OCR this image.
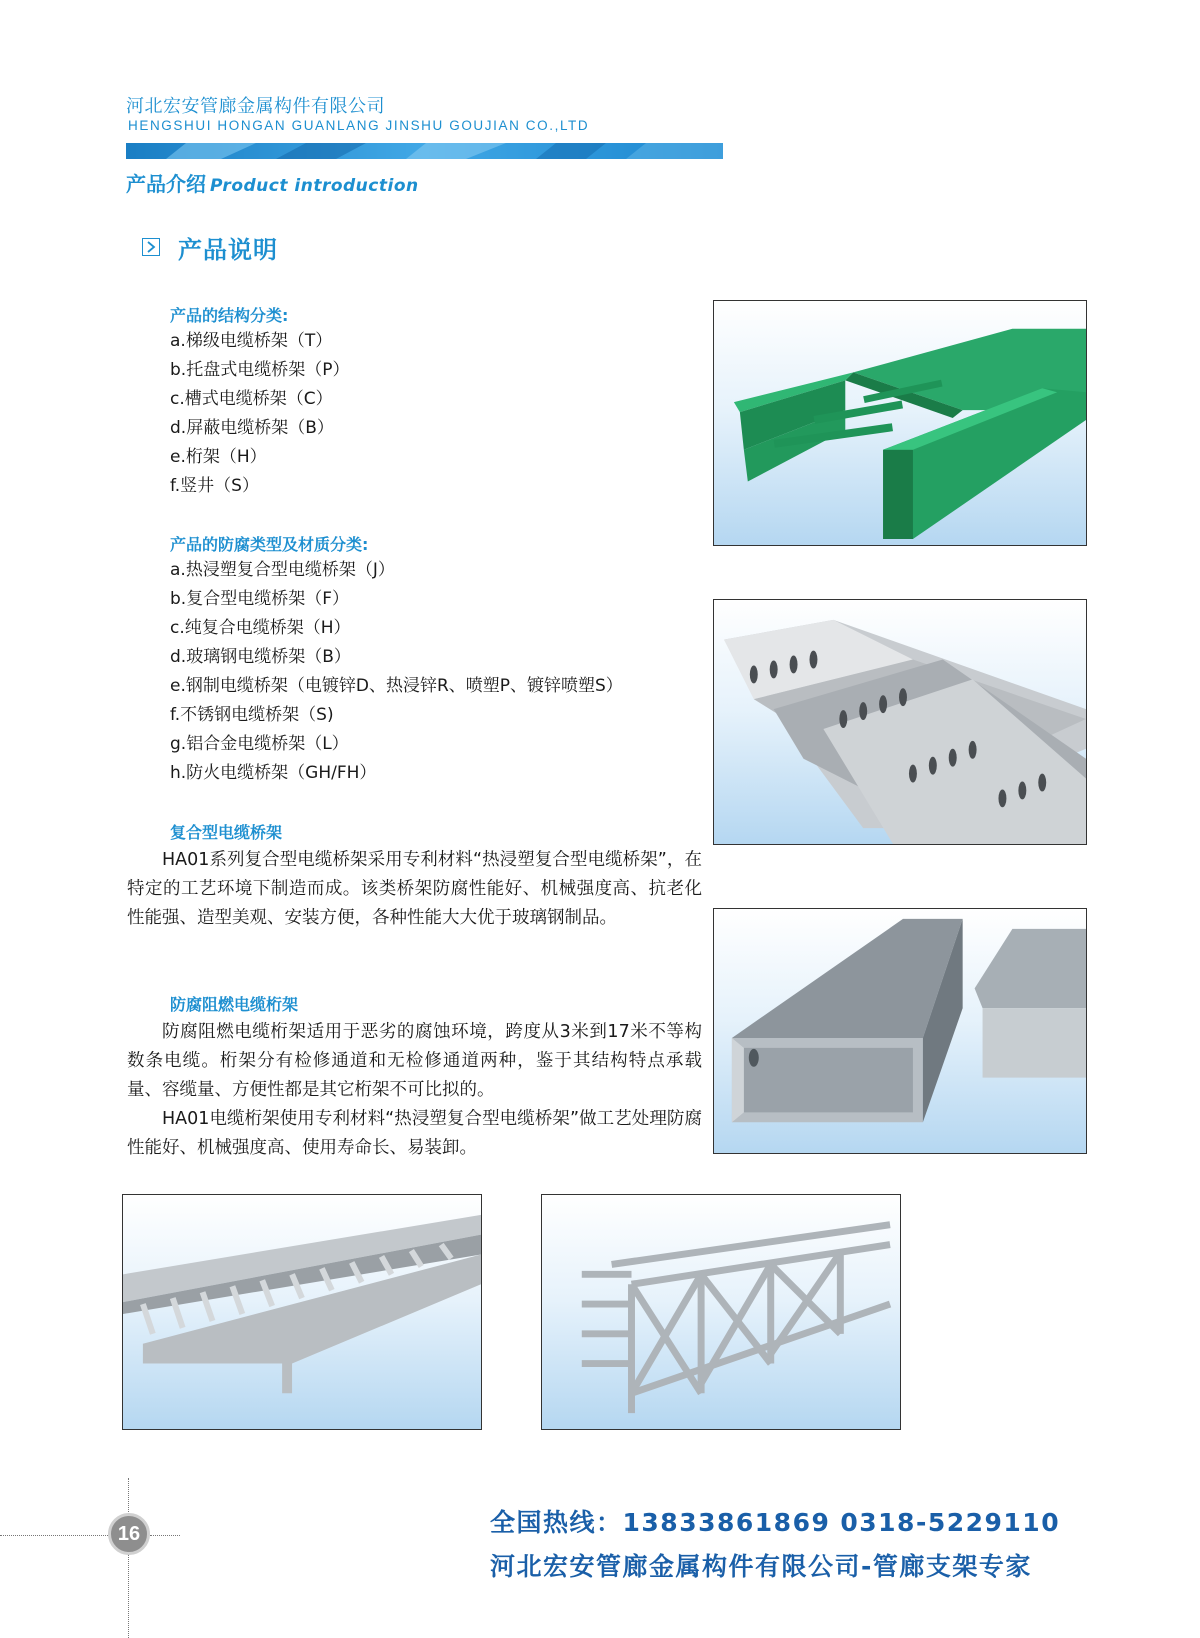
河北宏安管廊金属构件有限公司
HENGSHUI HONGAN GUANLANG JINSHU GOUJIAN CO.,LTD
产品介绍 Product introduction
产品说明
产品的结构分类:
a.梯级电缆桥架（T）
b.托盘式电缆桥架（P）
c.槽式电缆桥架（C）
d.屏蔽电缆桥架（B）
e.桁架（H）
f.竖井（S）
产品的防腐类型及材质分类:
a.热浸塑复合型电缆桥架（J）
b.复合型电缆桥架（F）
c.纯复合电缆桥架（H）
d.玻璃钢电缆桥架（B）
e.钢制电缆桥架（电镀锌D、热浸锌R、喷塑P、镀锌喷塑S）
f.不锈钢电缆桥架（S)
g.铝合金电缆桥架（L）
h.防火电缆桥架（GH/FH）
复合型电缆桥架

HA01系列复合型电缆桥架采用专利材料“热浸塑复合型电缆桥架”，在特定的工艺环境下制造而成。该类桥架防腐性能好、机械强度高、抗老化性能强、造型美观、安装方便，各种性能大大优于玻璃钢制品。

防腐阻燃电缆桁架

防腐阻燃电缆桁架适用于恶劣的腐蚀环境，跨度从3米到17米不等构数条电缆。桁架分有检修通道和无检修通道两种，鉴于其结构特点承载量、容缆量、方便性都是其它桁架不可比拟的。

HA01电缆桁架使用专利材料“热浸塑复合型电缆桥架”做工艺处理防腐性能好、机械强度高、使用寿命长、易装卸。

16	全国热线：13833861869 0318-5229110
河北宏安管廊金属构件有限公司-管廊支架专家
